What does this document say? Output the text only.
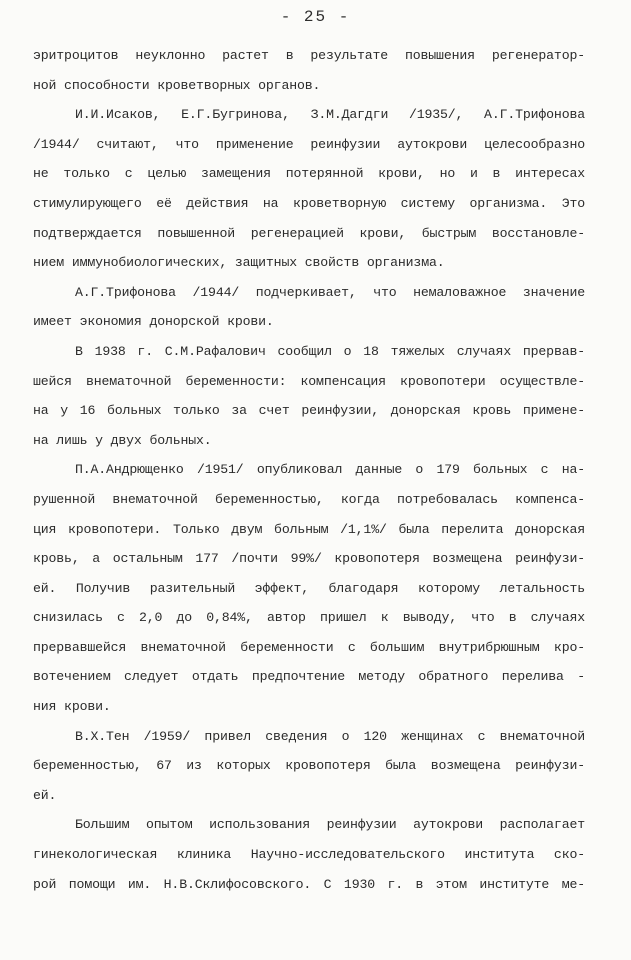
- 25 -
эритроцитов неуклонно растет в результате повышения регенератор-
ной способности кроветворных органов.
И.И.Исаков, Е.Г.Бугринова, З.М.Дагдги /1935/, А.Г.Трифонова
/1944/ считают, что применение реинфузии аутокрови целесообразно
не только с целью замещения потерянной крови, но и в интересах
стимулирующего её действия на кроветворную систему организма. Это
подтверждается повышенной регенерацией крови, быстрым восстановле-
нием иммунобиологических, защитных свойств организма.
А.Г.Трифонова /1944/ подчеркивает, что немаловажное значение
имеет экономия донорской крови.
В 1938 г. С.М.Рафалович сообщил о 18 тяжелых случаях прервав-
шейся внематочной беременности: компенсация кровопотери осуществле-
на у 16 больных только за счет реинфузии, донорская кровь примене-
на лишь у двух больных.
П.А.Андрющенко /1951/ опубликовал данные о 179 больных с на-
рушенной внематочной беременностью, когда потребовалась компенса-
ция кровопотери. Только двум больным /1,1%/ была перелита донорская
кровь, а остальным 177 /почти 99%/ кровопотеря возмещена реинфузи-
ей. Получив разительный эффект, благодаря которому летальность
снизилась с 2,0 до 0,84%, автор пришел к выводу, что в случаях
прервавшейся внематочной беременности с большим внутрибрюшным кро-
вотечением следует отдать предпочтение методу обратного перелива -
ния крови.
В.Х.Тен /1959/ привел сведения о 120 женщинах с внематочной
беременностью, 67 из которых кровопотеря была возмещена реинфузи-
ей.
Большим опытом использования реинфузии аутокрови располагает
гинекологическая клиника Научно-исследовательского института ско-
рой помощи им. Н.В.Склифосовского. С 1930 г. в этом институте ме-
